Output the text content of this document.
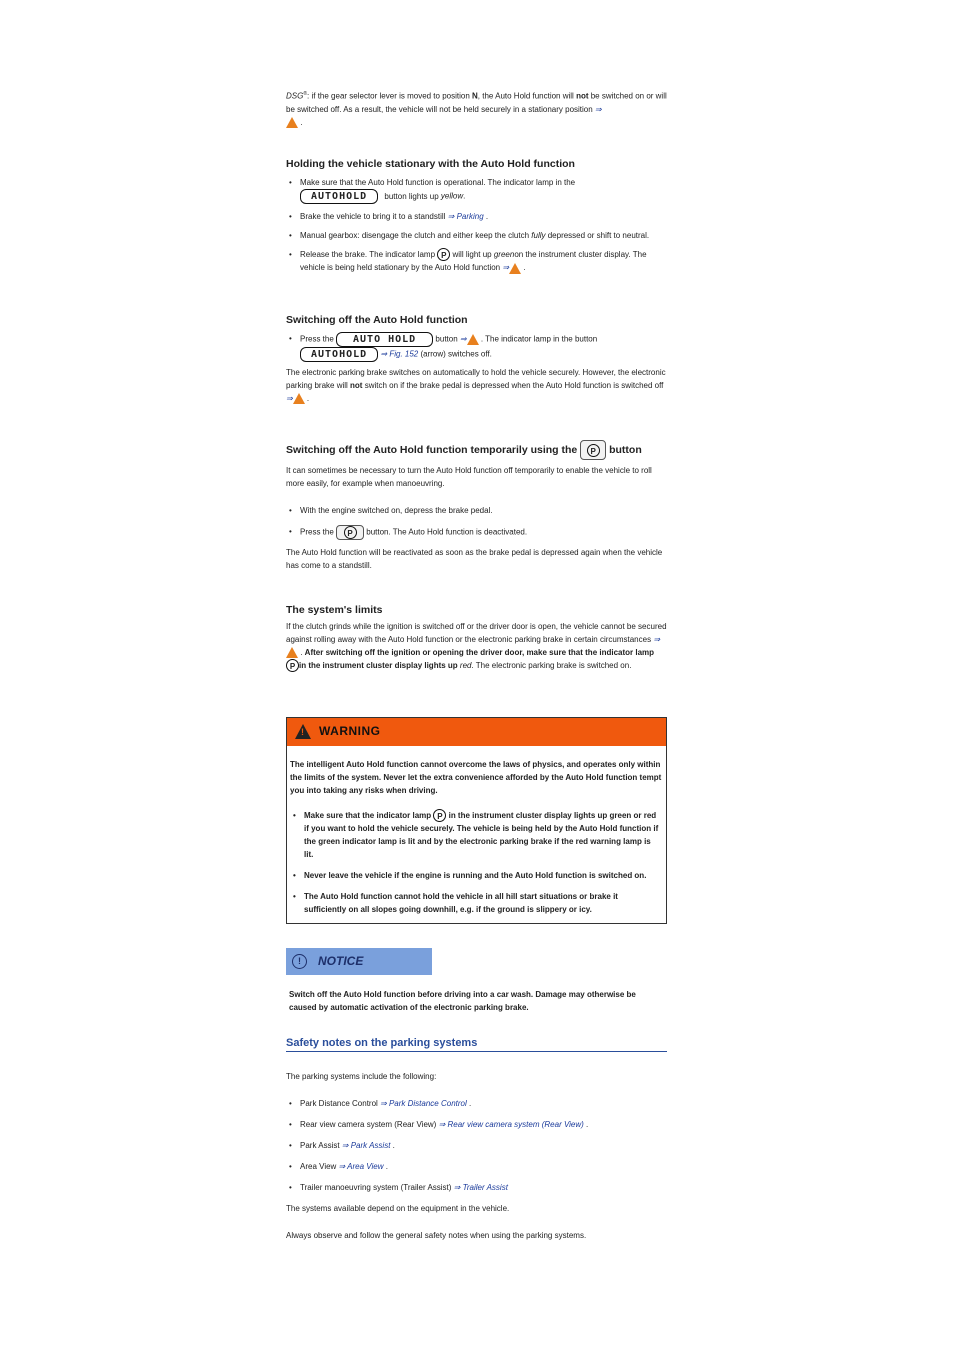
DSG®: if the gear selector lever is moved to position N, the Auto Hold function will not be switched on or will be switched off. As a result, the vehicle will not be held securely in a stationary position ⇒
.

Holding the vehicle stationary with the Auto Hold function

• Make sure that the Auto Hold function is operational. The indicator lamp in the
AUTOHOLD button lights up yellow.
• Brake the vehicle to bring it to a standstill ⇒ Parking .
• Manual gearbox: disengage the clutch and either keep the clutch fully depressed or shift to neutral.
• Release the brake. The indicator lamp P will light up greenon the instrument cluster display. The vehicle is being held stationary by the Auto Hold function ⇒ .

Switching off the Auto Hold function

• Press the AUTO HOLD button ⇒ . The indicator lamp in the button
AUTOHOLD ⇒ Fig. 152 (arrow) switches off.

The electronic parking brake switches on automatically to hold the vehicle securely. However, the electronic parking brake will not switch on if the brake pedal is depressed when the Auto Hold function is switched off ⇒ .

Switching off the Auto Hold function temporarily using the P button

It can sometimes be necessary to turn the Auto Hold function off temporarily to enable the vehicle to roll more easily, for example when manoeuvring.

• With the engine switched on, depress the brake pedal.
• Press the P button. The Auto Hold function is deactivated.

The Auto Hold function will be reactivated as soon as the brake pedal is depressed again when the vehicle has come to a standstill.

The system's limits

If the clutch grinds while the ignition is switched off or the driver door is open, the vehicle cannot be secured against rolling away with the Auto Hold function or the electronic parking brake in certain circumstances ⇒ . After switching off the ignition or opening the driver door, make sure that the indicator lampP in the instrument cluster display lights up red. The electronic parking brake is switched on.

!
WARNING

The intelligent Auto Hold function cannot overcome the laws of physics, and operates only within the limits of the system. Never let the extra convenience afforded by the Auto Hold function tempt you into taking any risks when driving.

• Make sure that the indicator lamp P in the instrument cluster display lights up green or red if you want to hold the vehicle securely. The vehicle is being held by the Auto Hold function if the green indicator lamp is lit and by the electronic parking brake if the red warning lamp is lit.
• Never leave the vehicle if the engine is running and the Auto Hold function is switched on.
• The Auto Hold function cannot hold the vehicle in all hill start situations or brake it sufficiently on all slopes going downhill, e.g. if the ground is slippery or icy.
!	NOTICE

Switch off the Auto Hold function before driving into a car wash. Damage may otherwise be caused by automatic activation of the electronic parking brake.

Safety notes on the parking systems

The parking systems include the following:

• Park Distance Control ⇒ Park Distance Control .
• Rear view camera system (Rear View) ⇒ Rear view camera system (Rear View) .
• Park Assist ⇒ Park Assist .
• Area View ⇒ Area View .
• Trailer manoeuvring system (Trailer Assist) ⇒ Trailer Assist

The systems available depend on the equipment in the vehicle.

Always observe and follow the general safety notes when using the parking systems.
